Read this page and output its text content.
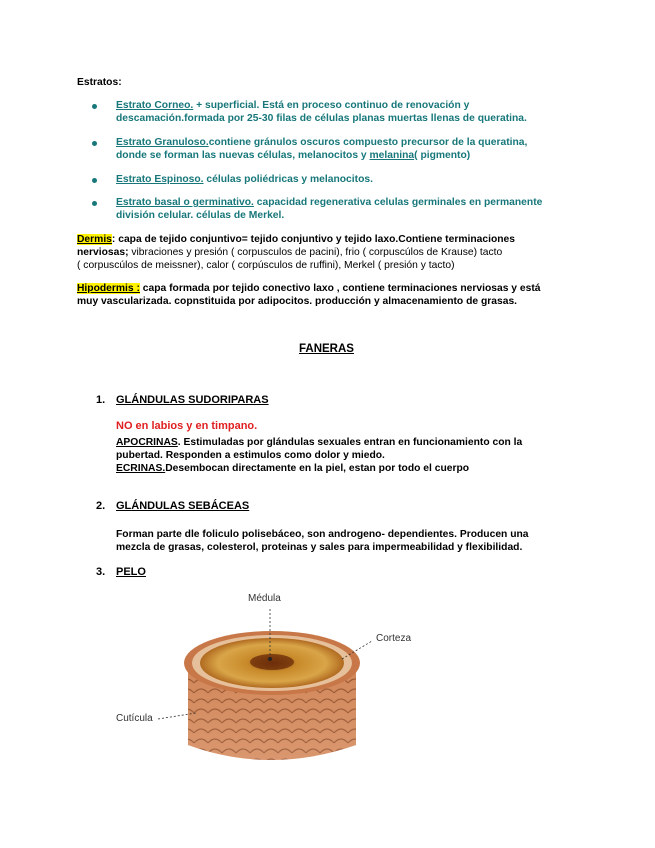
Estratos:
Estrato Corneo. + superficial. Está en proceso continuo de renovación y
descamación.formada por 25-30 filas de células planas muertas llenas de queratina.
Estrato Granuloso.contiene gránulos oscuros compuesto precursor de la queratina,
donde se forman las nuevas células, melanocitos y melanina( pigmento)
Estrato Espinoso. células poliédricas y melanocitos.
Estrato basal o germinativo. capacidad regenerativa celulas germinales en permanente
división celular. células de Merkel.
Dermis: capa de tejido conjuntivo= tejido conjuntivo y tejido laxo.Contiene terminaciones
nerviosas; vibraciones y presión ( corpusculos de pacini), frio ( corpuscúlos de Krause) tacto
( corpuscúlos de meissner), calor ( corpúsculos de ruffini), Merkel ( presión y tacto)
Hipodermis : capa formada por tejido conectivo laxo , contiene terminaciones nerviosas y está
muy vascularizada. copnstituida por adipocitos. producción y almacenamiento de grasas.
FANERAS
1. GLÁNDULAS SUDORIPARAS
NO en labios y en timpano.
APOCRINAS. Estimuladas por glándulas sexuales entran en funcionamiento con la
pubertad. Responden a estimulos como dolor y miedo.
ECRINAS.Desembocan directamente en la piel, estan por todo el cuerpo
2. GLÁNDULAS SEBÁCEAS
Forman parte dle foliculo polisebáceo, son androgeno- dependientes. Producen una
mezcla de grasas, colesterol, proteinas y sales para impermeabilidad y flexibilidad.
3. PELO
Médula
Corteza
Cutícula
